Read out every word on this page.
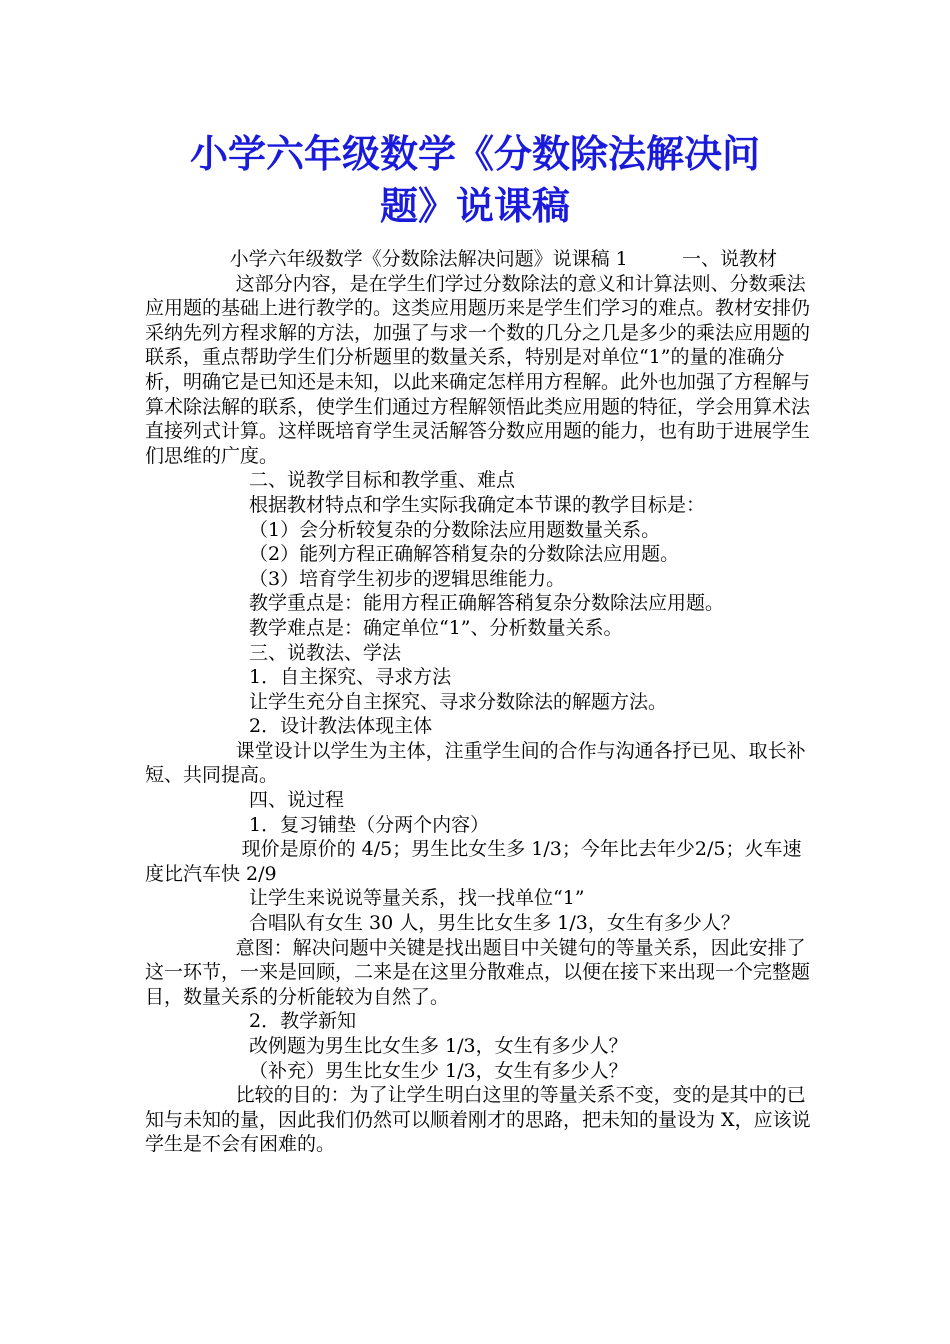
小学六年级数学《分数除法解决问
题》说课稿

小学六年级数学《分数除法解决问题》说课稿 1         一、说教材

这部分内容，是在学生们学过分数除法的意义和计算法则、分数乘法应用题的基础上进行教学的。这类应用题历来是学生们学习的难点。教材安排仍采纳先列方程求解的方法，加强了与求一个数的几分之几是多少的乘法应用题的联系，重点帮助学生们分析题里的数量关系，特别是对单位“1”的量的准确分析，明确它是已知还是未知，以此来确定怎样用方程解。此外也加强了方程解与算术除法解的联系，使学生们通过方程解领悟此类应用题的特征，学会用算术法直接列式计算。这样既培育学生灵活解答分数应用题的能力，也有助于进展学生们思维的广度。

二、说教学目标和教学重、难点

根据教材特点和学生实际我确定本节课的教学目标是：

（1）会分析较复杂的分数除法应用题数量关系。

（2）能列方程正确解答稍复杂的分数除法应用题。

（3）培育学生初步的逻辑思维能力。

教学重点是：能用方程正确解答稍复杂分数除法应用题。

教学难点是：确定单位“1”、分析数量关系。

三、说教法、学法

1．自主探究、寻求方法

让学生充分自主探究、寻求分数除法的解题方法。

2．设计教法体现主体

课堂设计以学生为主体，注重学生间的合作与沟通各抒已见、取长补短、共同提高。

四、说过程

1．复习铺垫（分两个内容）

现价是原价的 4/5；男生比女生多 1/3；今年比去年少2/5；火车速度比汽车快 2/9

让学生来说说等量关系，找一找单位“1”

合唱队有女生 30 人，男生比女生多 1/3，女生有多少人？

意图：解决问题中关键是找出题目中关键句的等量关系，因此安排了这一环节，一来是回顾，二来是在这里分散难点，以便在接下来出现一个完整题目，数量关系的分析能较为自然了。

2．教学新知

改例题为男生比女生多 1/3，女生有多少人？

（补充）男生比女生少 1/3，女生有多少人？

比较的目的：为了让学生明白这里的等量关系不变，变的是其中的已知与未知的量，因此我们仍然可以顺着刚才的思路，把未知的量设为 X，应该说学生是不会有困难的。
